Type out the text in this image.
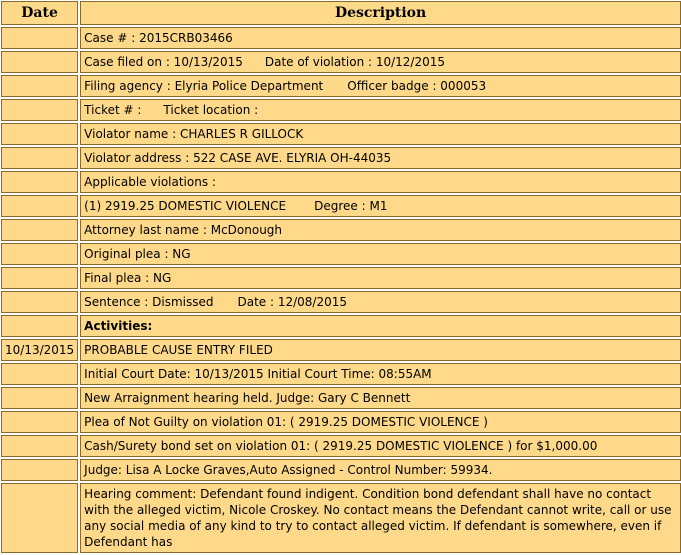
Date	Description
	Case # : 2015CRB03466
	Case filed on : 10/13/2015 Date of violation : 10/12/2015
	Filing agency : Elyria Police Department Officer badge : 000053
	Ticket # : Ticket location :
	Violator name : CHARLES R GILLOCK
	Violator address : 522 CASE AVE. ELYRIA OH-44035
	Applicable violations :
	(1) 2919.25 DOMESTIC VIOLENCE Degree : M1
	Attorney last name : McDonough
	Original plea : NG
	Final plea : NG
	Sentence : Dismissed Date : 12/08/2015
	Activities:
10/13/2015	PROBABLE CAUSE ENTRY FILED
	Initial Court Date: 10/13/2015 Initial Court Time: 08:55AM
	New Arraignment hearing held. Judge: Gary C Bennett
	Plea of Not Guilty on violation 01: ( 2919.25 DOMESTIC VIOLENCE )
	Cash/Surety bond set on violation 01: ( 2919.25 DOMESTIC VIOLENCE ) for $1,000.00
	Judge: Lisa A Locke Graves,Auto Assigned - Control Number: 59934.
	Hearing comment: Defendant found indigent. Condition bond defendant shall have no contact with the alleged victim, Nicole Croskey. No contact means the Defendant cannot write, call or use any social media of any kind to try to contact alleged victim. If defendant is somewhere, even if Defendant has
